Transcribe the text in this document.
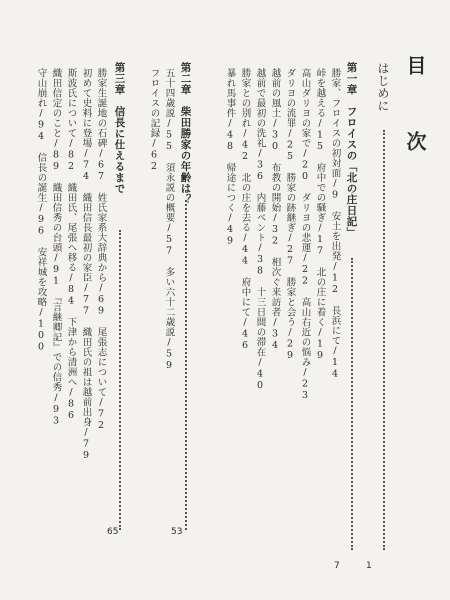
目　次
はじめに
1
第一章　フロイスの「北の庄日記」
7
勝家、フロイスの初対面/9　安土を出発/12　長浜にて/14
峠を越える/15　府中での騒ぎ/17　北の庄に着く/19
高山ダリヨの家で/20　ダリヨの悲運/22　高山右近の悩み/23
ダリヨの流罪/25　勝家の跡継ぎ/27　勝家と会う/29
越前の風土/30　布教の開始/32　相次ぐ来訪者/34
越前で最初の洗礼/36　内藤ベント/38　十三日間の滞在/40
勝家との別れ/42　北の庄を去る/44　府中にて/46
暴れ馬事件/48　帰途につく/49
第二章　柴田勝家の年齢は？
53
五十四歳説/55　須永説の概要/57　多い六十二歳説/59
フロイスの記録/62
第三章　信長に仕えるまで
65
勝家生誕地の石碑/67　姓氏家系大辞典から/69　尾張志について/72
初めて史料に登場/74　織田信長最初の家臣/77　織田氏の祖は越前出身/79
斯波氏について/82　織田氏、尾張へ移る/84　下津から清洲へ/86
織田信定のこと/89　織田信秀の台頭/91　『言継卿記』での信秀/93
守山崩れ/94　信長の誕生/96　安祥城を攻略/100
